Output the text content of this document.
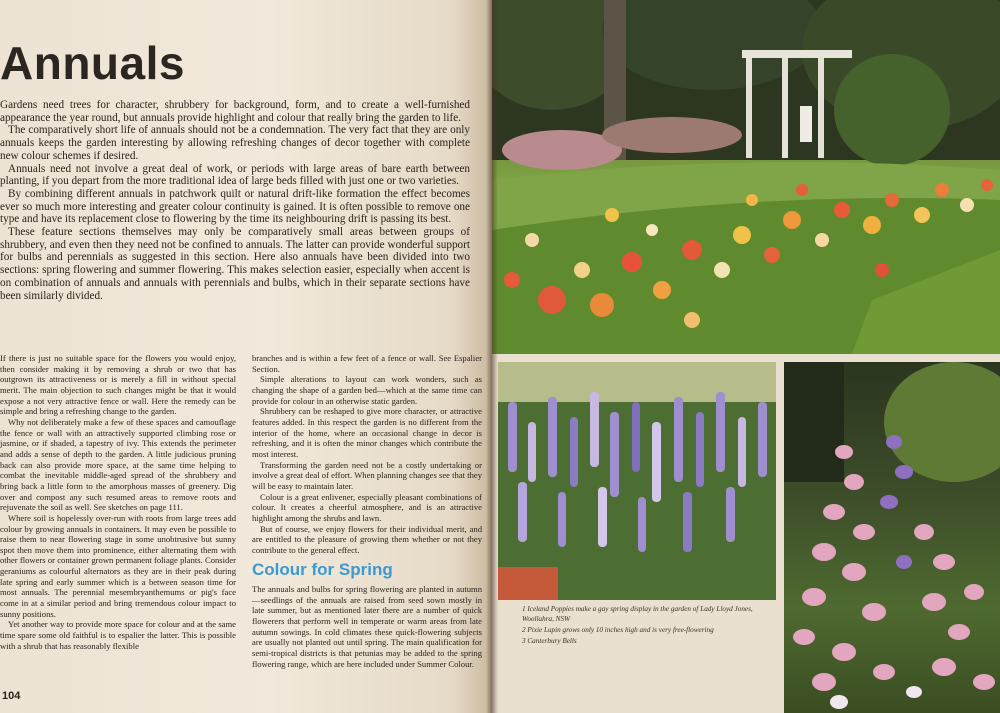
Annuals

Gardens need trees for character, shrubbery for background, form, and to create a well-furnished appearance the year round, but annuals provide highlight and colour that really bring the garden to life.

The comparatively short life of annuals should not be a condemnation. The very fact that they are only annuals keeps the garden interesting by allowing refreshing changes of decor together with complete new colour schemes if desired.

Annuals need not involve a great deal of work, or periods with large areas of bare earth between planting, if you depart from the more traditional idea of large beds filled with just one or two varieties.

By combining different annuals in patchwork quilt or natural drift-like formation the effect becomes ever so much more interesting and greater colour continuity is gained. It is often possible to remove one type and have its replacement close to flowering by the time its neighbouring drift is passing its best.

These feature sections themselves may only be comparatively small areas between groups of shrubbery, and even then they need not be confined to annuals. The latter can provide wonderful support for bulbs and perennials as suggested in this section. Here also annuals have been divided into two sections: spring flowering and summer flowering. This makes selection easier, especially when accent is on combination of annuals and annuals with perennials and bulbs, which in their separate sections have been similarly divided.

If there is just no suitable space for the flowers you would enjoy, then consider making it by removing a shrub or two that has outgrown its attractiveness or is merely a fill in without special merit. The main objection to such changes might be that it would expose a not very attractive fence or wall. Here the remedy can be simple and bring a refreshing change to the garden.

Why not deliberately make a few of these spaces and camouflage the fence or wall with an attractively supported climbing rose or jasmine, or if shaded, a tapestry of ivy. This extends the perimeter and adds a sense of depth to the garden. A little judicious pruning back can also provide more space, at the same time helping to combat the inevitable middle-aged spread of the shrubbery and bring back a little form to the amorphous masses of greenery. Dig over and compost any such resumed areas to remove roots and rejuvenate the soil as well. See sketches on page 111.

Where soil is hopelessly over-run with roots from large trees add colour by growing annuals in containers. It may even be possible to raise them to near flowering stage in some unobtrusive but sunny spot then move them into prominence, either alternating them with other flowers or container grown permanent foliage plants. Consider geraniums as colourful alternators as they are in their peak during late spring and early summer which is a between season time for most annuals. The perennial mesembryanthemums or pig's face come in at a similar period and bring tremendous colour impact to sunny positions.

Yet another way to provide more space for colour and at the same time spare some old faithful is to espalier the latter. This is possible with a shrub that has reasonably flexible

branches and is within a few feet of a fence or wall. See Espalier Section.

Simple alterations to layout can work wonders, such as changing the shape of a garden bed—which at the same time can provide for colour in an otherwise static garden.

Shrubbery can be reshaped to give more character, or attractive features added. In this respect the garden is no different from the interior of the home, where an occasional change in decor is refreshing, and it is often the minor changes which contribute the most interest.

Transforming the garden need not be a costly undertaking or involve a great deal of effort. When planning changes see that they will be easy to maintain later.

Colour is a great enlivener, especially pleasant combinations of colour. It creates a cheerful atmosphere, and is an attractive highlight among the shrubs and lawn.

But of course, we enjoy flowers for their individual merit, and are entitled to the pleasure of growing them whether or not they contribute to the general effect.

Colour for Spring

The annuals and bulbs for spring flowering are planted in autumn—seedlings of the annuals are raised from seed sown mostly in late summer, but as mentioned later there are a number of quick flowerers that perform well in temperate or warm areas from late autumn sowings. In cold climates these quick-flowering subjects are usually not planted out until spring. The main qualification for semi-tropical districts is that petunias may be added to the spring flowering range, which are here included under Summer Colour.

104

1 Iceland Poppies make a gay spring display in the garden of Lady Lloyd Jones, Woollahra, NSW

2 Pixie Lupin grows only 10 inches high and is very free-flowering

3 Canterbury Bells
